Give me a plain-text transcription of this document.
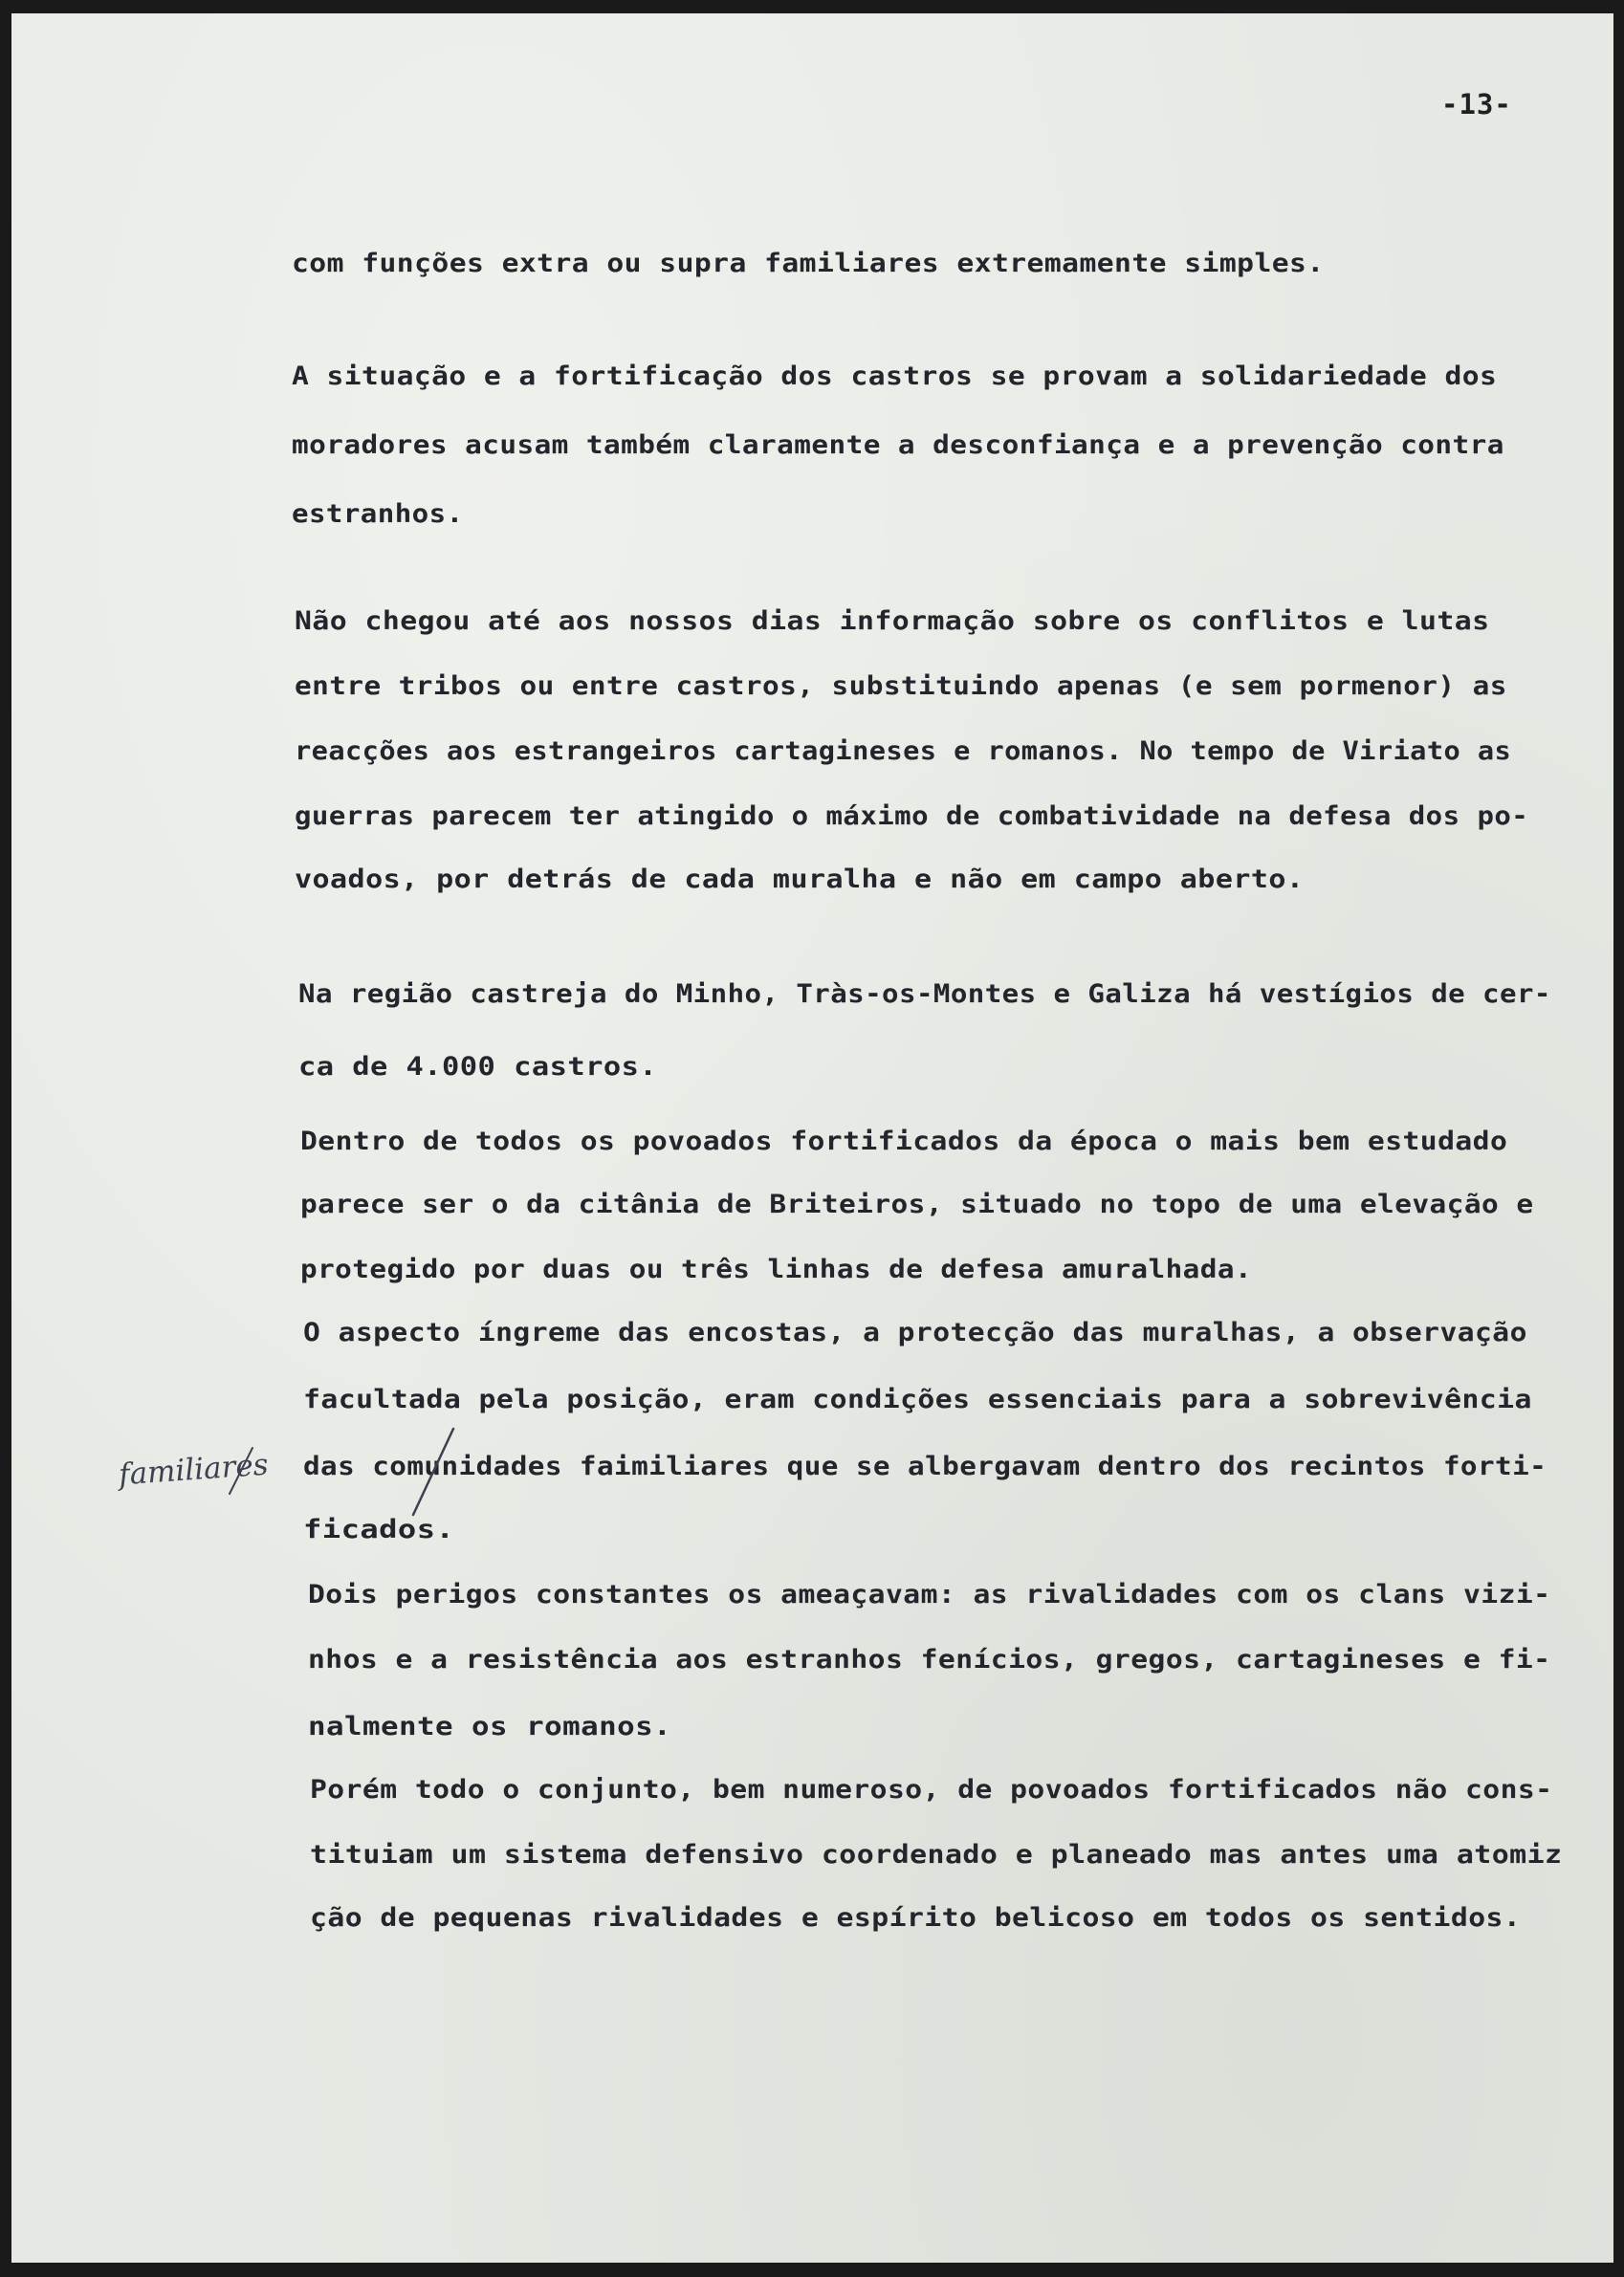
-13-
com funções extra ou supra familiares extremamente simples.
A situação e a fortificação dos castros se provam a solidariedade dos
moradores acusam também claramente a desconfiança e a prevenção contra
estranhos.
Não chegou até aos nossos dias informação sobre os conflitos e lutas
entre tribos ou entre castros, substituindo apenas (e sem pormenor) as
reacções aos estrangeiros cartagineses e romanos. No tempo de Viriato as
guerras parecem ter atingido o máximo de combatividade na defesa dos po-
voados, por detrás de cada muralha e não em campo aberto.
Na região castreja do Minho, Tràs-os-Montes e Galiza há vestígios de cer-
ca de 4.000 castros.
Dentro de todos os povoados fortificados da época o mais bem estudado
parece ser o da citânia de Briteiros, situado no topo de uma elevação e
protegido por duas ou três linhas de defesa amuralhada.
O aspecto íngreme das encostas, a protecção das muralhas, a observação
facultada pela posição, eram condições essenciais para a sobrevivência
das comunidades faimiliares que se albergavam dentro dos recintos forti-
ficados.
Dois perigos constantes os ameaçavam: as rivalidades com os clans vizi-
nhos e a resistência aos estranhos fenícios, gregos, cartagineses e fi-
nalmente os romanos.
Porém todo o conjunto, bem numeroso, de povoados fortificados não cons-
tituiam um sistema defensivo coordenado e planeado mas antes uma atomiz
ção de pequenas rivalidades e espírito belicoso em todos os sentidos.
familiares
